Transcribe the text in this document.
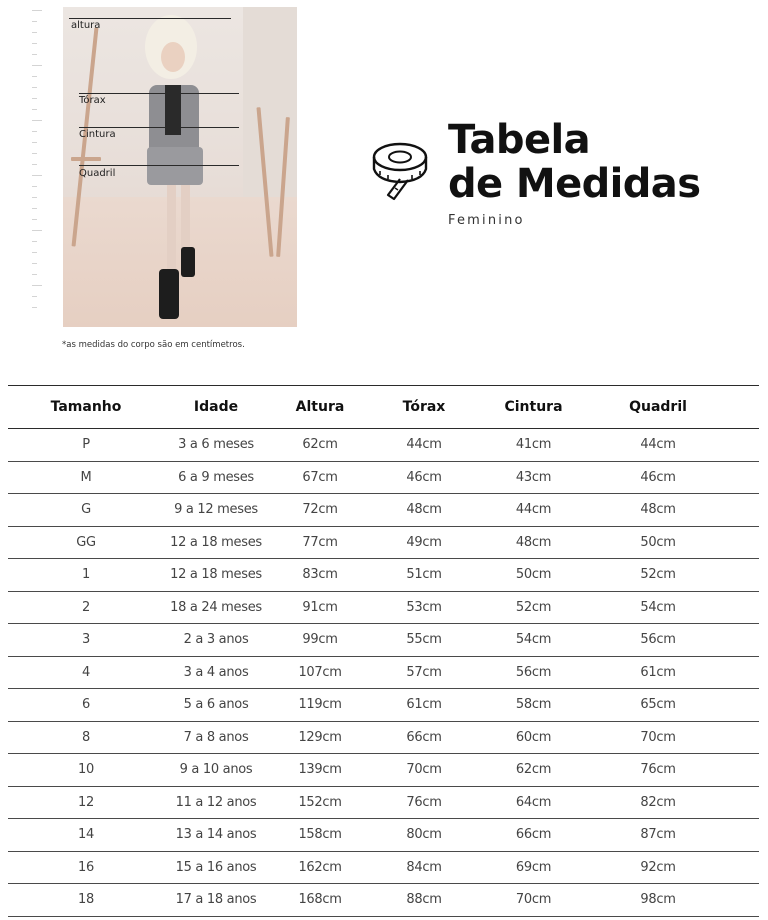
altura
Tórax
Cintura
Quadril
*as medidas do corpo são em centímetros.
Tabela
de Medidas
Feminino
Tamanho	Idade	Altura	Tórax	Cintura	Quadril
P	3 a 6 meses	62cm	44cm	41cm	44cm
M	6 a 9 meses	67cm	46cm	43cm	46cm
G	9 a 12 meses	72cm	48cm	44cm	48cm
GG	12 a 18 meses	77cm	49cm	48cm	50cm
1	12 a 18 meses	83cm	51cm	50cm	52cm
2	18 a 24 meses	91cm	53cm	52cm	54cm
3	2 a 3 anos	99cm	55cm	54cm	56cm
4	3 a 4 anos	107cm	57cm	56cm	61cm
6	5 a 6 anos	119cm	61cm	58cm	65cm
8	7 a 8 anos	129cm	66cm	60cm	70cm
10	9 a 10 anos	139cm	70cm	62cm	76cm
12	11 a 12 anos	152cm	76cm	64cm	82cm
14	13 a 14 anos	158cm	80cm	66cm	87cm
16	15 a 16 anos	162cm	84cm	69cm	92cm
18	17 a 18 anos	168cm	88cm	70cm	98cm
